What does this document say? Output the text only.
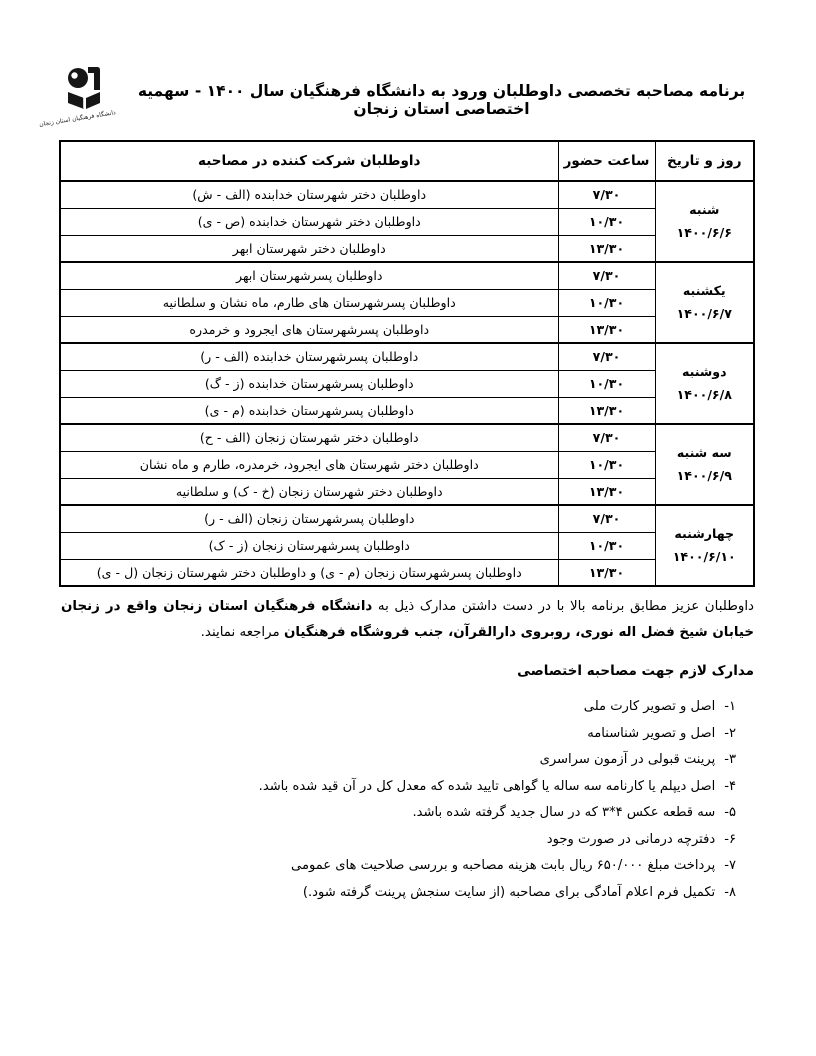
دانشگاه فرهنگیان استان زنجان
برنامه مصاحبه تخصصی داوطلبان ورود به دانشگاه فرهنگیان سال ۱۴۰۰ - سهمیه اختصاصی استان زنجان
روز و تاریخ	ساعت حضور	داوطلبان شرکت کننده در مصاحبه

شنبه
۱۴۰۰/۶/۶	۷/۳۰	داوطلبان دختر شهرستان خدابنده (الف - ش)
	۱۰/۳۰	داوطلبان دختر شهرستان خدابنده (ص - ی)
	۱۳/۳۰	داوطلبان دختر شهرستان ابهر

یکشنبه
۱۴۰۰/۶/۷	۷/۳۰	داوطلبان پسرشهرستان ابهر
	۱۰/۳۰	داوطلبان پسرشهرستان های طارم، ماه نشان و سلطانیه
	۱۳/۳۰	داوطلبان پسرشهرستان های ایجرود و خرمدره

دوشنبه
۱۴۰۰/۶/۸	۷/۳۰	داوطلبان پسرشهرستان خدابنده (الف - ر)
	۱۰/۳۰	داوطلبان پسرشهرستان خدابنده (ز - گ)
	۱۳/۳۰	داوطلبان پسرشهرستان خدابنده (م - ی)

سه شنبه
۱۴۰۰/۶/۹	۷/۳۰	داوطلبان دختر شهرستان زنجان (الف - ح)
	۱۰/۳۰	داوطلبان دختر شهرستان های ایجرود، خرمدره، طارم و ماه نشان
	۱۳/۳۰	داوطلبان دختر شهرستان زنجان (خ - ک) و سلطانیه

چهارشنبه
۱۴۰۰/۶/۱۰	۷/۳۰	داوطلبان پسرشهرستان زنجان (الف - ر)
	۱۰/۳۰	داوطلبان پسرشهرستان زنجان (ز - ک)
	۱۳/۳۰	داوطلبان پسرشهرستان زنجان (م - ی) و داوطلبان دختر شهرستان زنجان (ل - ی)

داوطلبان عزیز مطابق برنامه بالا با در دست داشتن مدارک ذیل به دانشگاه فرهنگیان استان زنجان واقع در زنجان خیابان شیخ فضل اله نوری، روبروی دارالقرآن، جنب فروشگاه فرهنگیان مراجعه نمایند.

مدارک لازم جهت مصاحبه اختصاصی
۱-اصل و تصویر کارت ملی
۲-اصل و تصویر شناسنامه
۳-پرینت قبولی در آزمون سراسری
۴-اصل دیپلم یا کارنامه سه ساله یا گواهی تایید شده که معدل کل در آن قید شده باشد.
۵-سه قطعه عکس ۴*۳ که در سال جدید گرفته شده باشد.
۶-دفترچه درمانی در صورت وجود
۷-پرداخت مبلغ ۶۵۰/۰۰۰ ریال بابت هزینه مصاحبه و بررسی صلاحیت های عمومی
۸-تکمیل فرم اعلام آمادگی برای مصاحبه (از سایت سنجش پرینت گرفته شود.)
